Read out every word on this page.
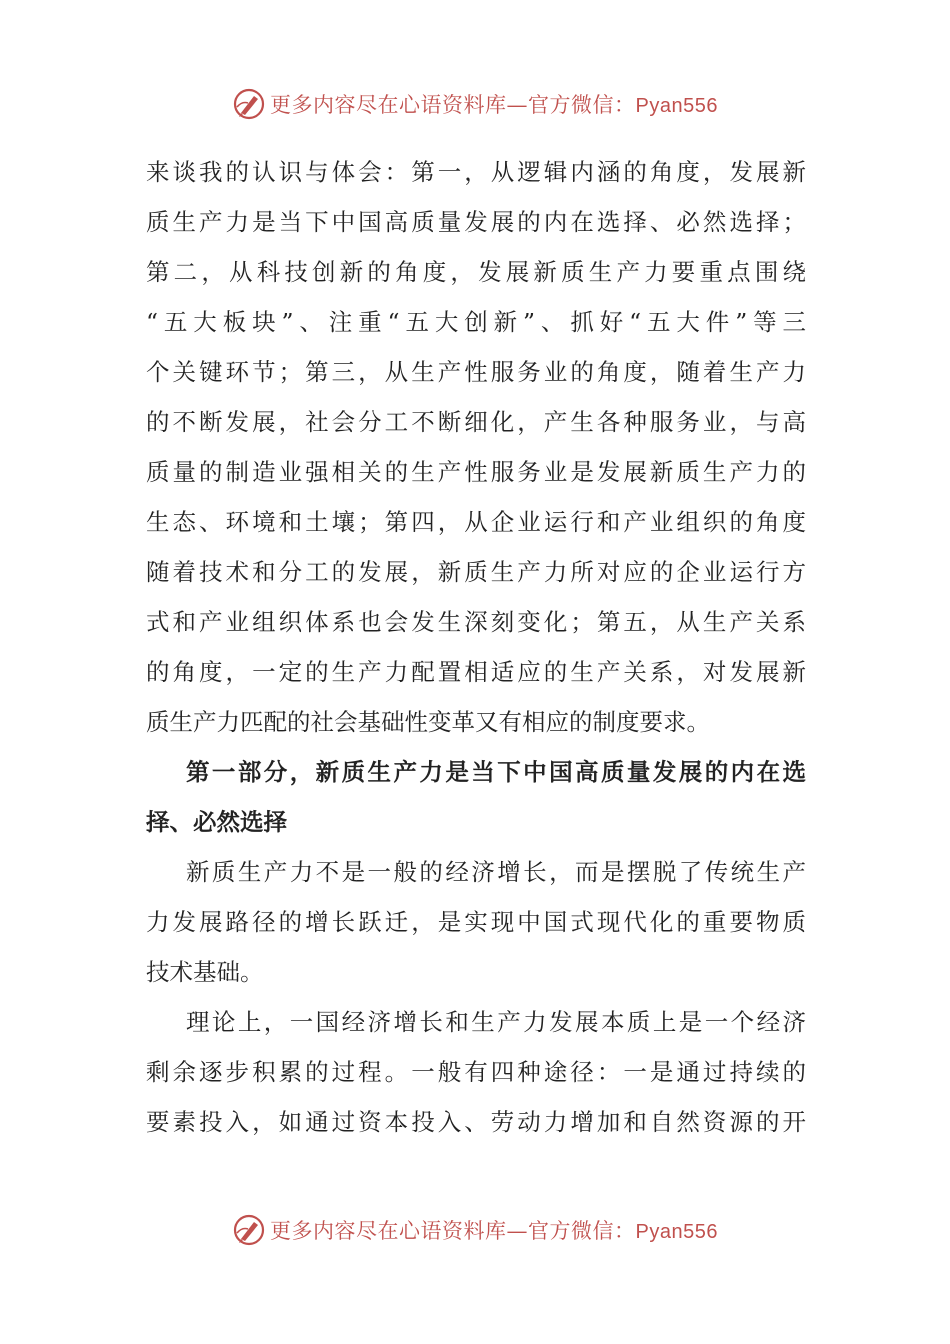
更多内容尽在心语资料库—官方微信：Pyan556
来谈我的认识与体会：第一，从逻辑内涵的角度，发展新
质生产力是当下中国高质量发展的内在选择、必然选择；
第二，从科技创新的角度，发展新质生产力要重点围绕
“五大板块”、注重“五大创新”、抓好“五大件”等三
个关键环节；第三，从生产性服务业的角度，随着生产力
的不断发展，社会分工不断细化，产生各种服务业，与高
质量的制造业强相关的生产性服务业是发展新质生产力的
生态、环境和土壤；第四，从企业运行和产业组织的角度
随着技术和分工的发展，新质生产力所对应的企业运行方
式和产业组织体系也会发生深刻变化；第五，从生产关系
的角度，一定的生产力配置相适应的生产关系，对发展新
质生产力匹配的社会基础性变革又有相应的制度要求。
第一部分，新质生产力是当下中国高质量发展的内在选
择、必然选择
新质生产力不是一般的经济增长，而是摆脱了传统生产
力发展路径的增长跃迁，是实现中国式现代化的重要物质
技术基础。
理论上，一国经济增长和生产力发展本质上是一个经济
剩余逐步积累的过程。一般有四种途径：一是通过持续的
要素投入，如通过资本投入、劳动力增加和自然资源的开
更多内容尽在心语资料库—官方微信：Pyan556
